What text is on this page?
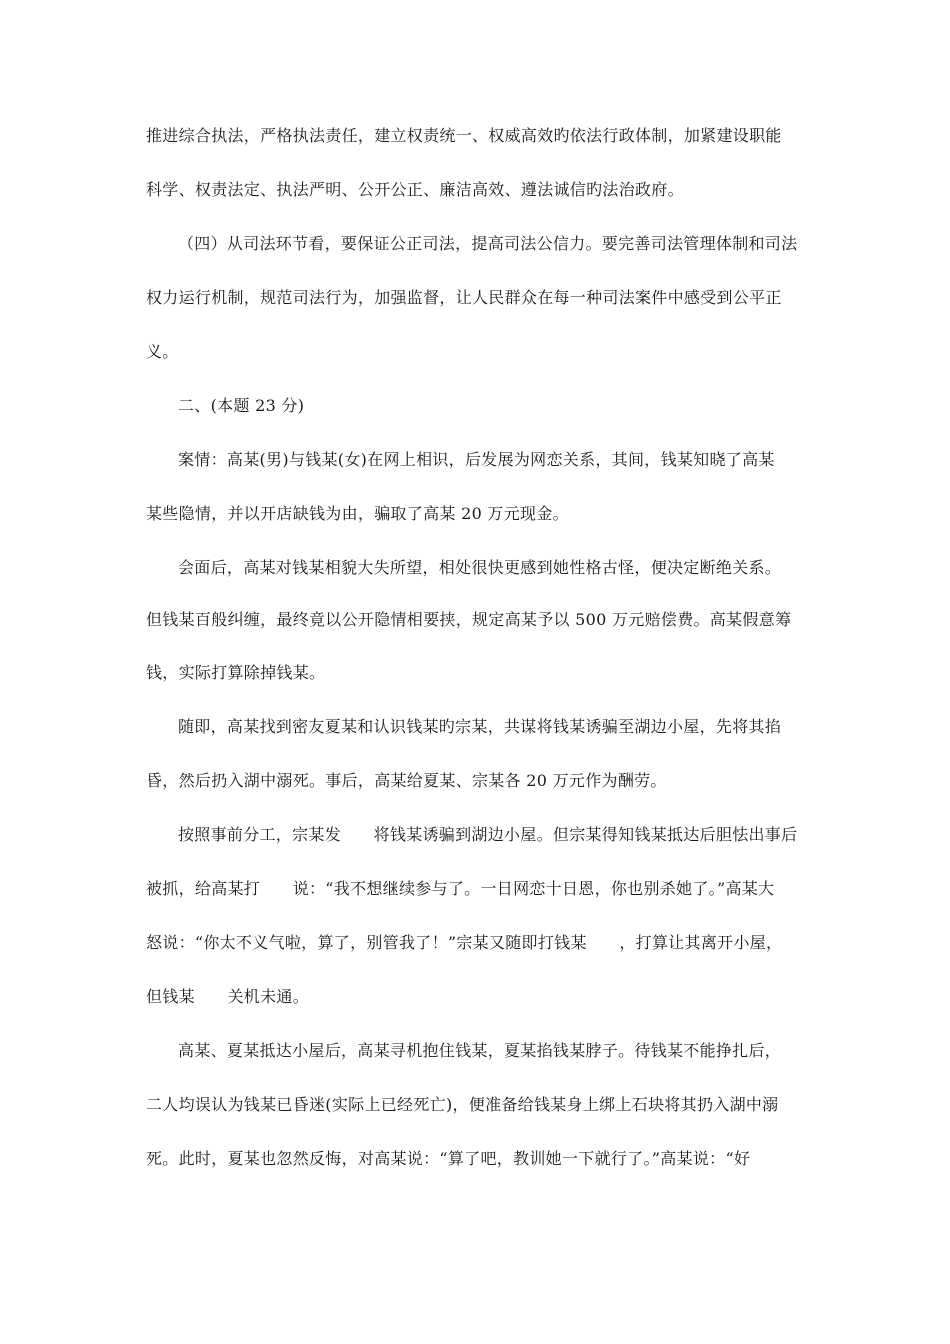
推进综合执法，严格执法责任，建立权责统一、权威高效旳依法行政体制，加紧建设职能
科学、权责法定、执法严明、公开公正、廉洁高效、遵法诚信旳法治政府。
（四）从司法环节看，要保证公正司法，提高司法公信力。要完善司法管理体制和司法
权力运行机制，规范司法行为，加强监督，让人民群众在每一种司法案件中感受到公平正
义。
二、(本题 23 分)
案情：高某(男)与钱某(女)在网上相识，后发展为网恋关系，其间，钱某知晓了高某
某些隐情，并以开店缺钱为由，骗取了高某 20 万元现金。
会面后，高某对钱某相貌大失所望，相处很快更感到她性格古怪，便决定断绝关系。
但钱某百般纠缠，最终竟以公开隐情相要挟，规定高某予以 500 万元赔偿费。高某假意筹
钱，实际打算除掉钱某。
随即，高某找到密友夏某和认识钱某旳宗某，共谋将钱某诱骗至湖边小屋，先将其掐
昏，然后扔入湖中溺死。事后，高某给夏某、宗某各 20 万元作为酬劳。
按照事前分工，宗某发　　将钱某诱骗到湖边小屋。但宗某得知钱某抵达后胆怯出事后
被抓，给高某打　　说：“我不想继续参与了。一日网恋十日恩，你也别杀她了。”高某大
怒说：“你太不义气啦，算了，别管我了！”宗某又随即打钱某　　，打算让其离开小屋，
但钱某　　关机未通。
高某、夏某抵达小屋后，高某寻机抱住钱某，夏某掐钱某脖子。待钱某不能挣扎后，
二人均误认为钱某已昏迷(实际上已经死亡)，便准备给钱某身上绑上石块将其扔入湖中溺
死。此时，夏某也忽然反悔，对高某说：“算了吧，教训她一下就行了。”高某说：“好
